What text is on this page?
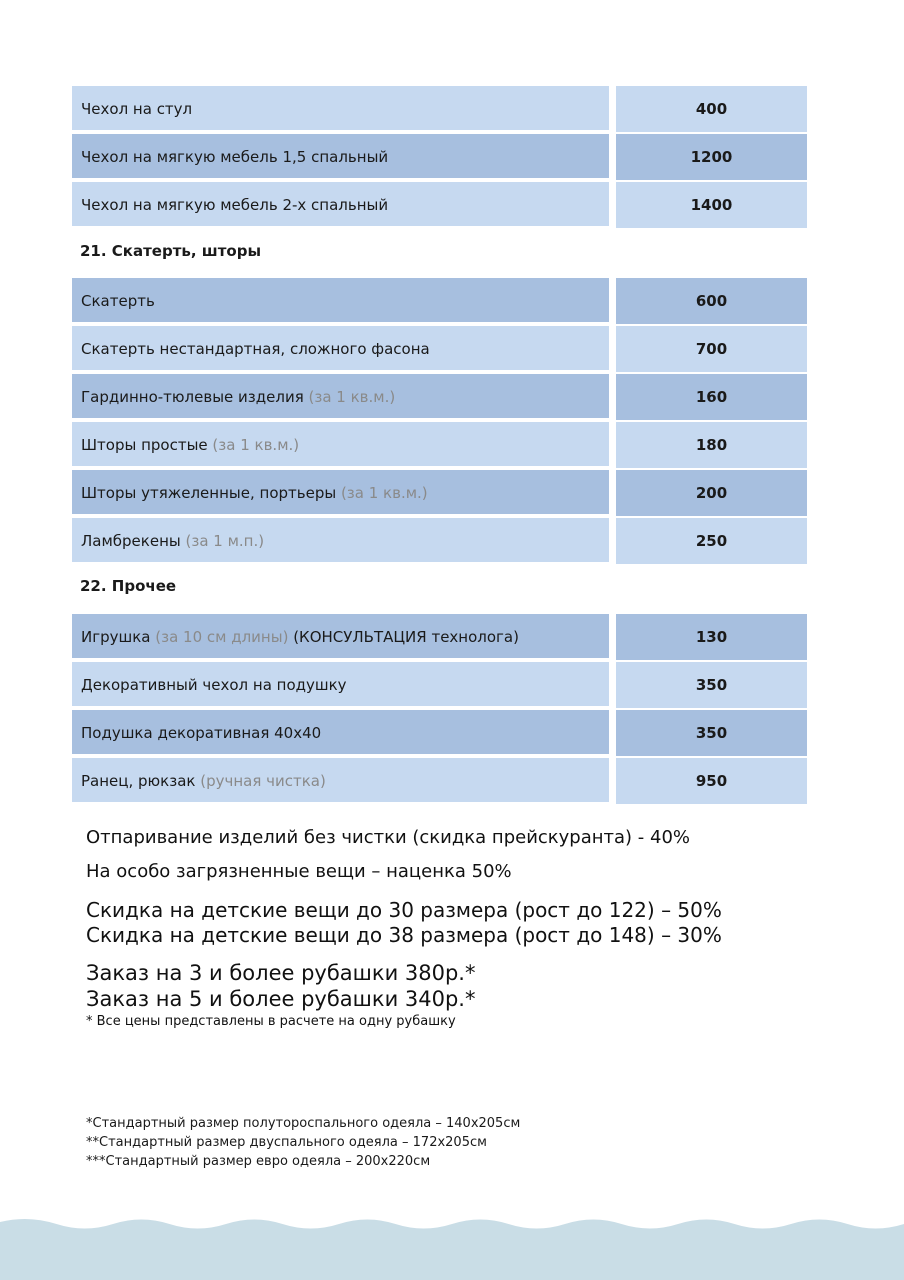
Чехол на стул	400
Чехол на мягкую мебель 1,5 спальный	1200
Чехол на мягкую мебель 2-х спальный	1400
21. Скатерть, шторы
Скатерть	600
Скатерть нестандартная, сложного фасона	700
Гардинно-тюлевые изделия (за 1 кв.м.)	160
Шторы простые (за 1 кв.м.)	180
Шторы утяжеленные, портьеры (за 1 кв.м.)	200
Ламбрекены (за 1 м.п.)	250
22. Прочее
Игрушка (за 10 см длины) (КОНСУЛЬТАЦИЯ технолога)	130
Декоративный чехол на подушку	350
Подушка декоративная 40х40	350
Ранец, рюкзак (ручная чистка)	950
Отпаривание изделий без чистки (скидка прейскуранта) - 40%
На особо загрязненные вещи – наценка 50%
Скидка на детские вещи до 30 размера (рост до 122) – 50%
Скидка на детские вещи до 38 размера (рост до 148) – 30%
Заказ на 3 и более рубашки 380р.*
Заказ на 5 и более рубашки 340р.*
* Все цены представлены в расчете на одну рубашку
*Стандартный размер полутороспального одеяла – 140х205см
**Стандартный размер двуспального одеяла – 172х205см
***Стандартный размер евро одеяла – 200х220см
